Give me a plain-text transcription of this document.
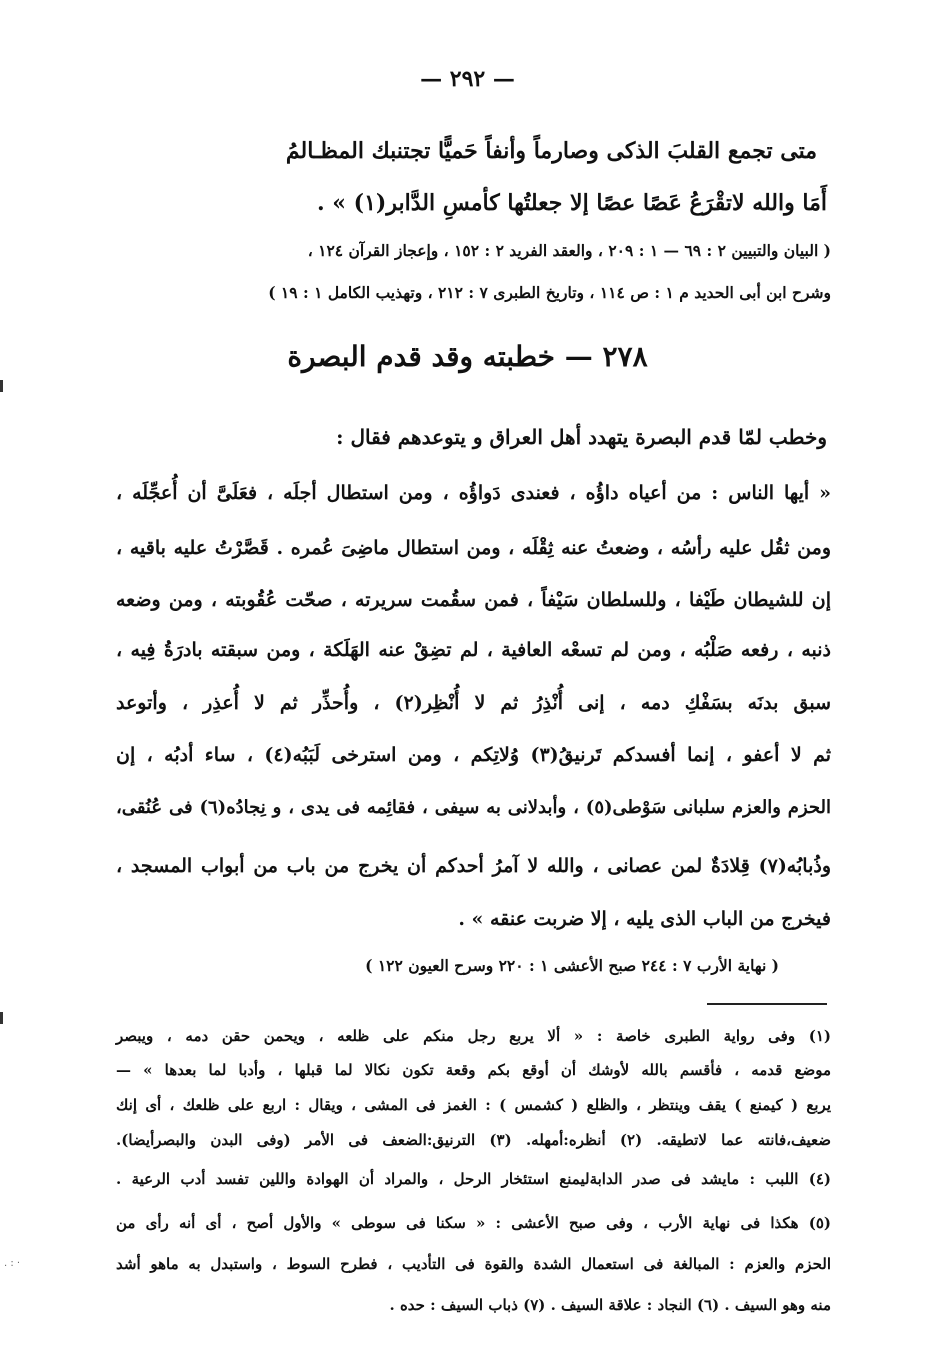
— ٢٩٢ —
متى تجمع القلبَ الذكى وصارماً وأنفاً حَميًّا تجتنبك المظـالمُ
أَمَا والله لاتقْرَعُ عَصًا عصًا إلا جعلتُها كأمسِ الدَّابر(١) » .
( البيان والتبيين ٢ : ٦٩ — ١ : ٢٠٩ ، والعقد الفريد ٢ : ١٥٢ ، وإعجاز القرآن ١٢٤ ،
وشرح ابن أبى الحديد م ١ : ص ١١٤ ، وتاريخ الطبرى ٧ : ٢١٢ ، وتهذيب الكامل ١ : ١٩ )
٢٧٨ — خطبته وقد قدم البصرة
وخطب لمّا قدم البصرة يتهدد أهل العراق و يتوعدهم فقال :
« أيها الناس : من أعياه داؤُه ، فعندى دَواؤُه ، ومن استطال أجلَه ، فعَلَىَّ أن أُعجِّلَه ،
ومن ثقُل عليه رأسُه ، وضعتُ عنه ثِقْلَه ، ومن استطال ماضِىَ عُمره . قَصَّرْتُ عليه باقيه ،
إن للشيطان طَيْفا ، وللسلطان سَيْفاً ، فمن سقُمت سريرته ، صحّت عُقُوبته ، ومن وضعه
ذنبه ، رفعه صَلْبُه ، ومن لم تسعْه العافية ، لم تضِقْ عنه الهَلَكة ، ومن سبقته بادرَةُ فِيه ،
سبق بدنَه بسَفْكِ دمه ، إنى أُنْذِرُ ثم لا أُنْظِر(٢) ، وأُحذِّر ثم لا أُعذِر ، وأتوعد
ثم لا أعفو ، إنما أفسدكم تَرنيقُ(٣) وُلاتِكم ، ومن استرخى لَبَبُه(٤) ، ساء أدبُه ، إن
الحزم والعزم سلبانى سَوْطى(٥) ، وأبدلانى به سيفى ، فقائِمه فى يدى ، و نِجادُه(٦) فى عُنُقى،
وذُبابُه(٧) قِلادَةٌ لمن عصانى ، والله لا آمرُ أحدكم أن يخرج من باب من أبواب المسجد ،
فيخرج من الباب الذى يليه ، إلا ضربت عنقه » .
( نهاية الأرب ٧ : ٢٤٤ صبح الأعشى ١ : ٢٢٠ وسرح العيون ١٢٢ )
(١) وفى رواية الطبرى خاصة : « ألا يربع رجل منكم على ظلعه ، ويحمن حقن دمه ، ويبصر
موضع قدمه ، فأقسم بالله لأوشك أن أوقع بكم وقعة تكون نكالا لما قبلها ، وأدبا لما بعدها » —
يربع ( كيمنع ) يقف وينتظر ، والظلع ( كشمس ) : الغمز فى المشى ، ويقال : اربع على ظلعك ، أى إنك
ضعيف،فانته عما لاتطيقه. (٢) أنظره:أمهله. (٣) الترنيق:الضعف فى الأمر (وفى البدن والبصرأيضا).
(٤) اللبب : مايشد فى صدر الدابةليمنع استئخار الرحل ، والمراد أن الهوادة واللين تفسد أدب الرعية .
(٥) هكذا فى نهاية الأرب ، وفى صبح الأعشى : « سكنا فى سوطى » والأول أصح ، أى أنه رأى من
الحزم والعزم : المبالغة فى استعمال الشدة والقوة فى التأديب ، فطرح السوط ، واستبدل به ماهو أشد
منه وهو السيف . (٦) النجاد : علاقة السيف . (٧) ذباب السيف : حده .
. : ·
